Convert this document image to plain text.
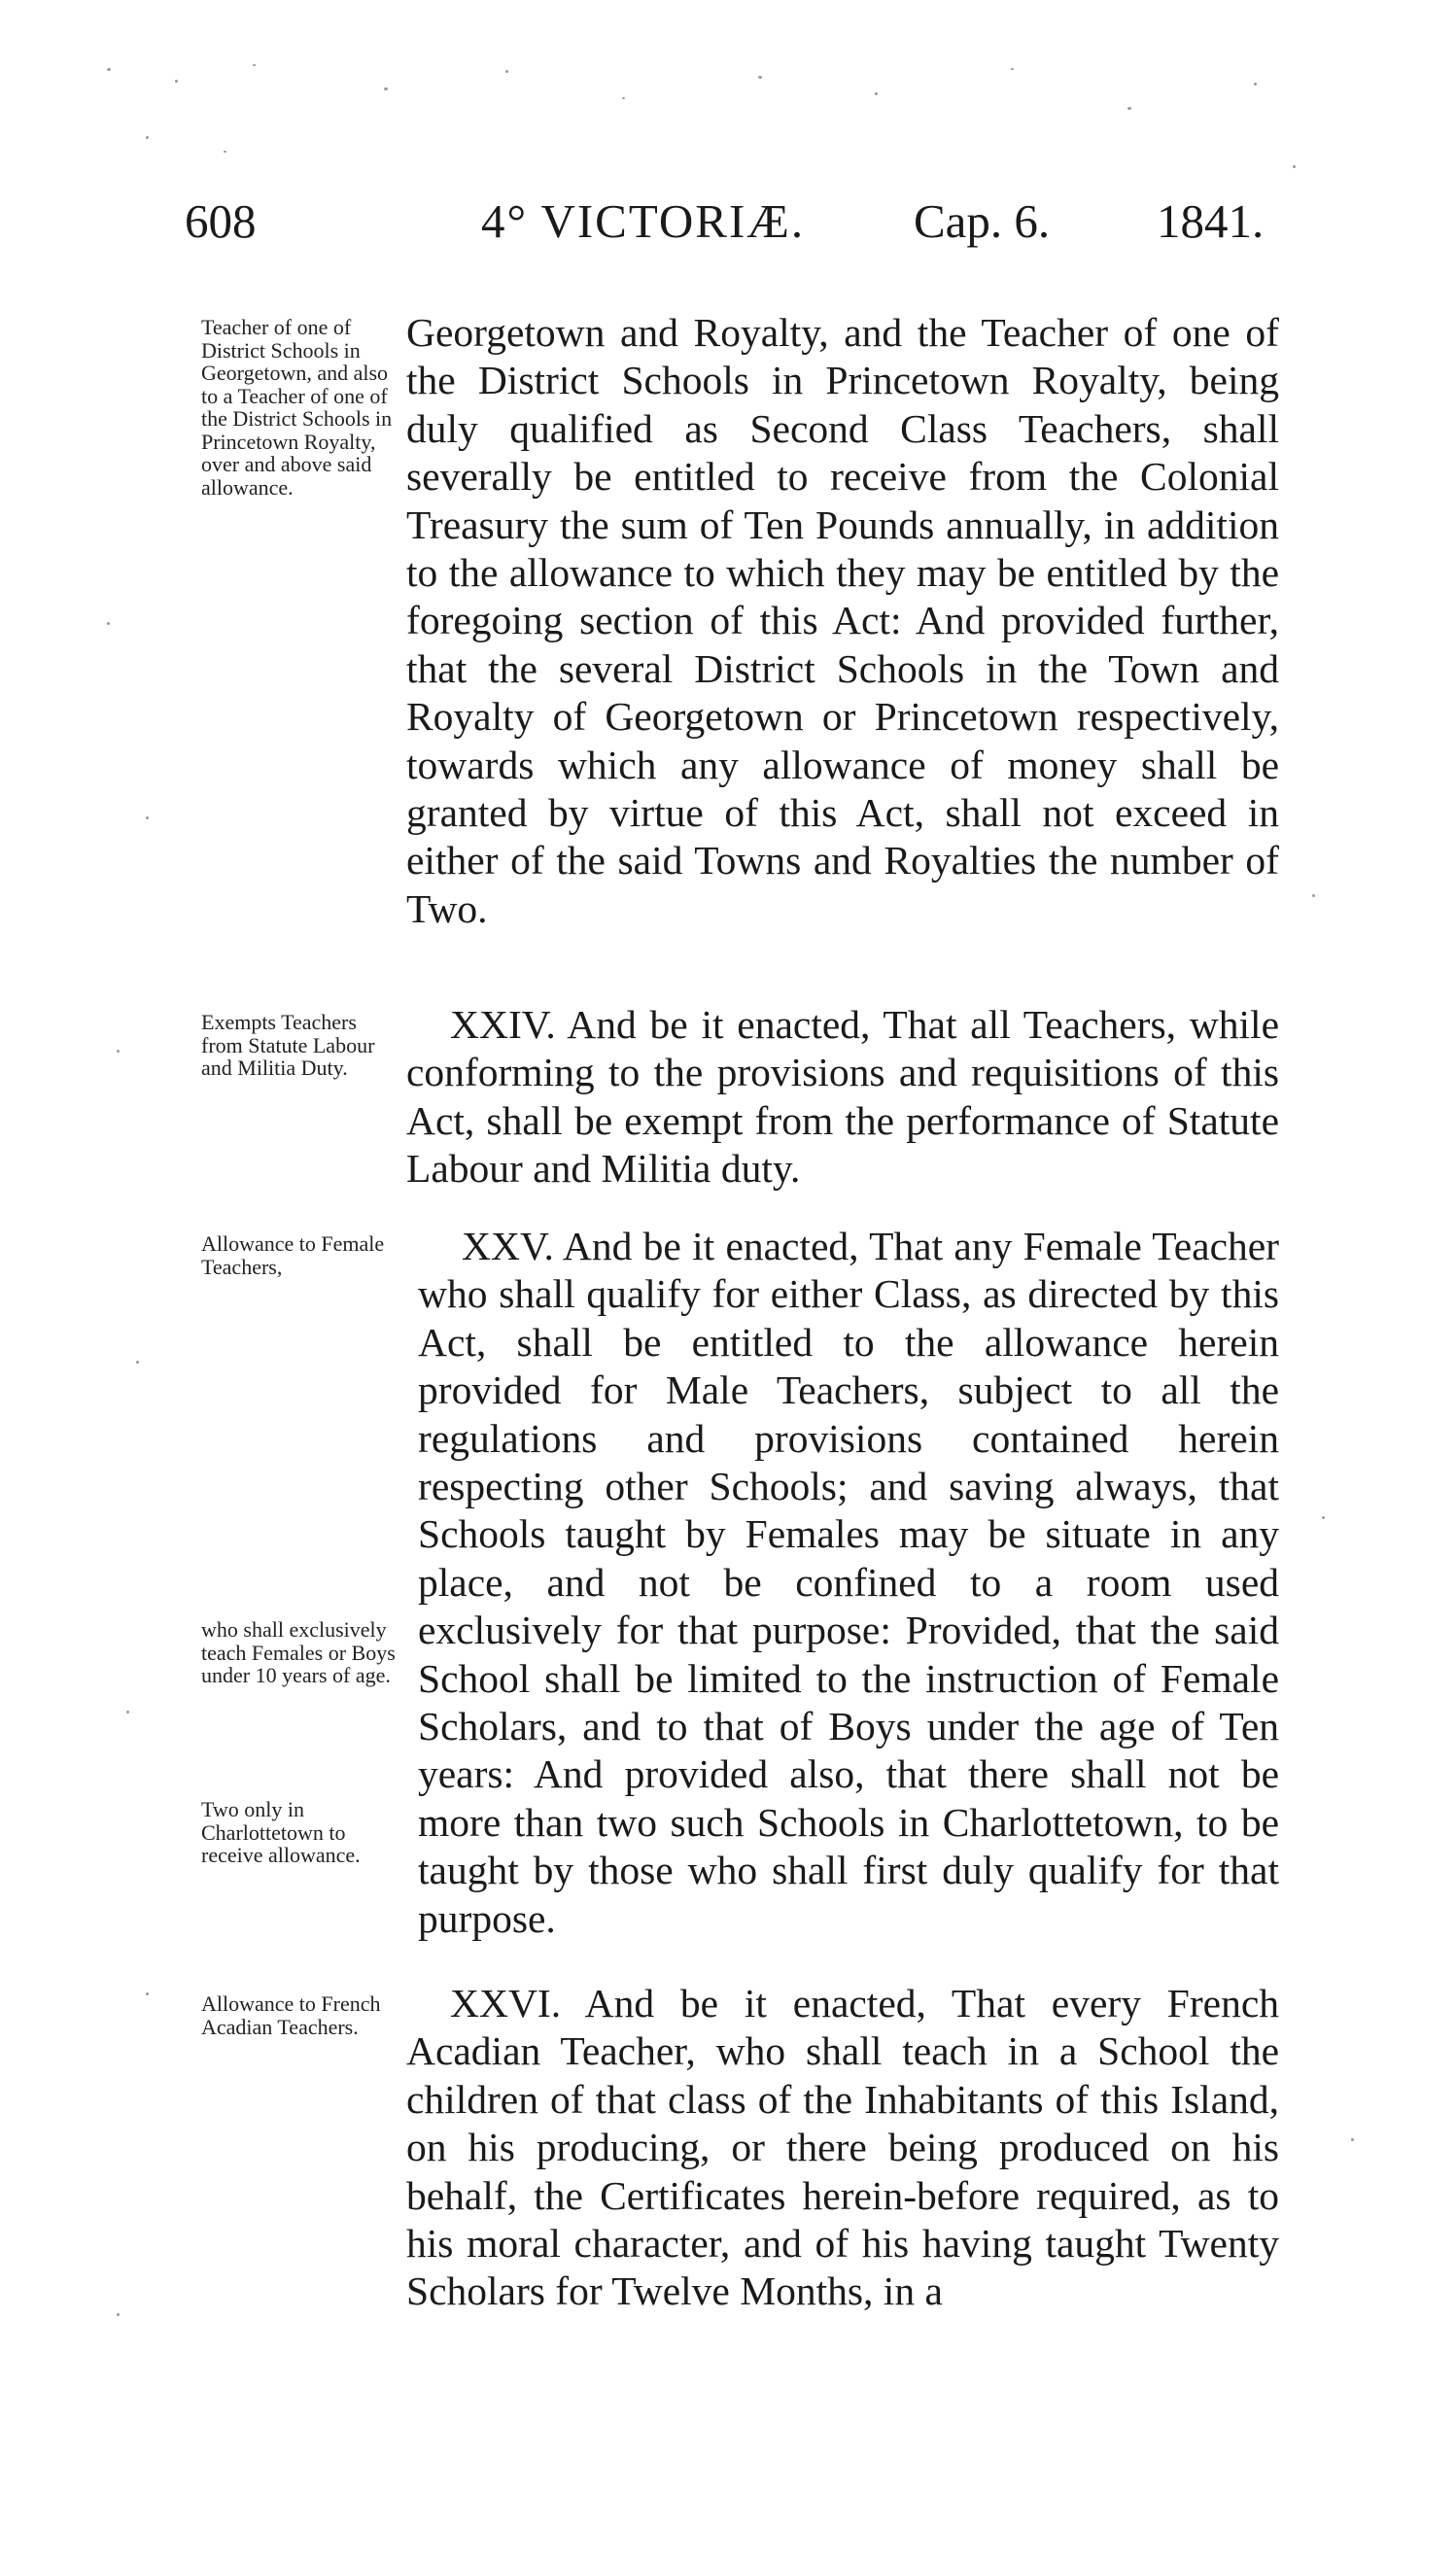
608	4° VICTORIÆ. Cap. 6. 1841.
Teacher of one of District Schools in Georgetown, and also to a Teacher of one of the District Schools in Princetown Royalty, over and above said allowance.
Exempts Teachers from Statute Labour and Militia Duty.
Allowance to Female Teachers,
who shall exclusively teach Females or Boys under 10 years of age.
Two only in Charlottetown to receive allowance.
Allowance to French Acadian Teachers.
Georgetown and Royalty, and the Teacher of one of the District Schools in Princetown Royalty, being duly qualified as Second Class Teachers, shall severally be entitled to receive from the Colonial Treasury the sum of Ten Pounds annually, in addition to the allowance to which they may be entitled by the foregoing section of this Act: And provided further, that the several District Schools in the Town and Royalty of Georgetown or Princetown respectively, towards which any allowance of money shall be granted by virtue of this Act, shall not exceed in either of the said Towns and Royalties the number of Two.
XXIV. And be it enacted, That all Teachers, while conforming to the provisions and requisitions of this Act, shall be exempt from the performance of Statute Labour and Militia duty.
XXV. And be it enacted, That any Female Teacher who shall qualify for either Class, as directed by this Act, shall be entitled to the allowance herein provided for Male Teachers, subject to all the regulations and provisions contained herein respecting other Schools; and saving always, that Schools taught by Females may be situate in any place, and not be confined to a room used exclusively for that purpose: Provided, that the said School shall be limited to the instruction of Female Scholars, and to that of Boys under the age of Ten years: And provided also, that there shall not be more than two such Schools in Charlottetown, to be taught by those who shall first duly qualify for that purpose.
XXVI. And be it enacted, That every French Acadian Teacher, who shall teach in a School the children of that class of the Inhabitants of this Island, on his producing, or there being produced on his behalf, the Certificates herein-before required, as to his moral character, and of his having taught Twenty Scholars for Twelve Months, in a
